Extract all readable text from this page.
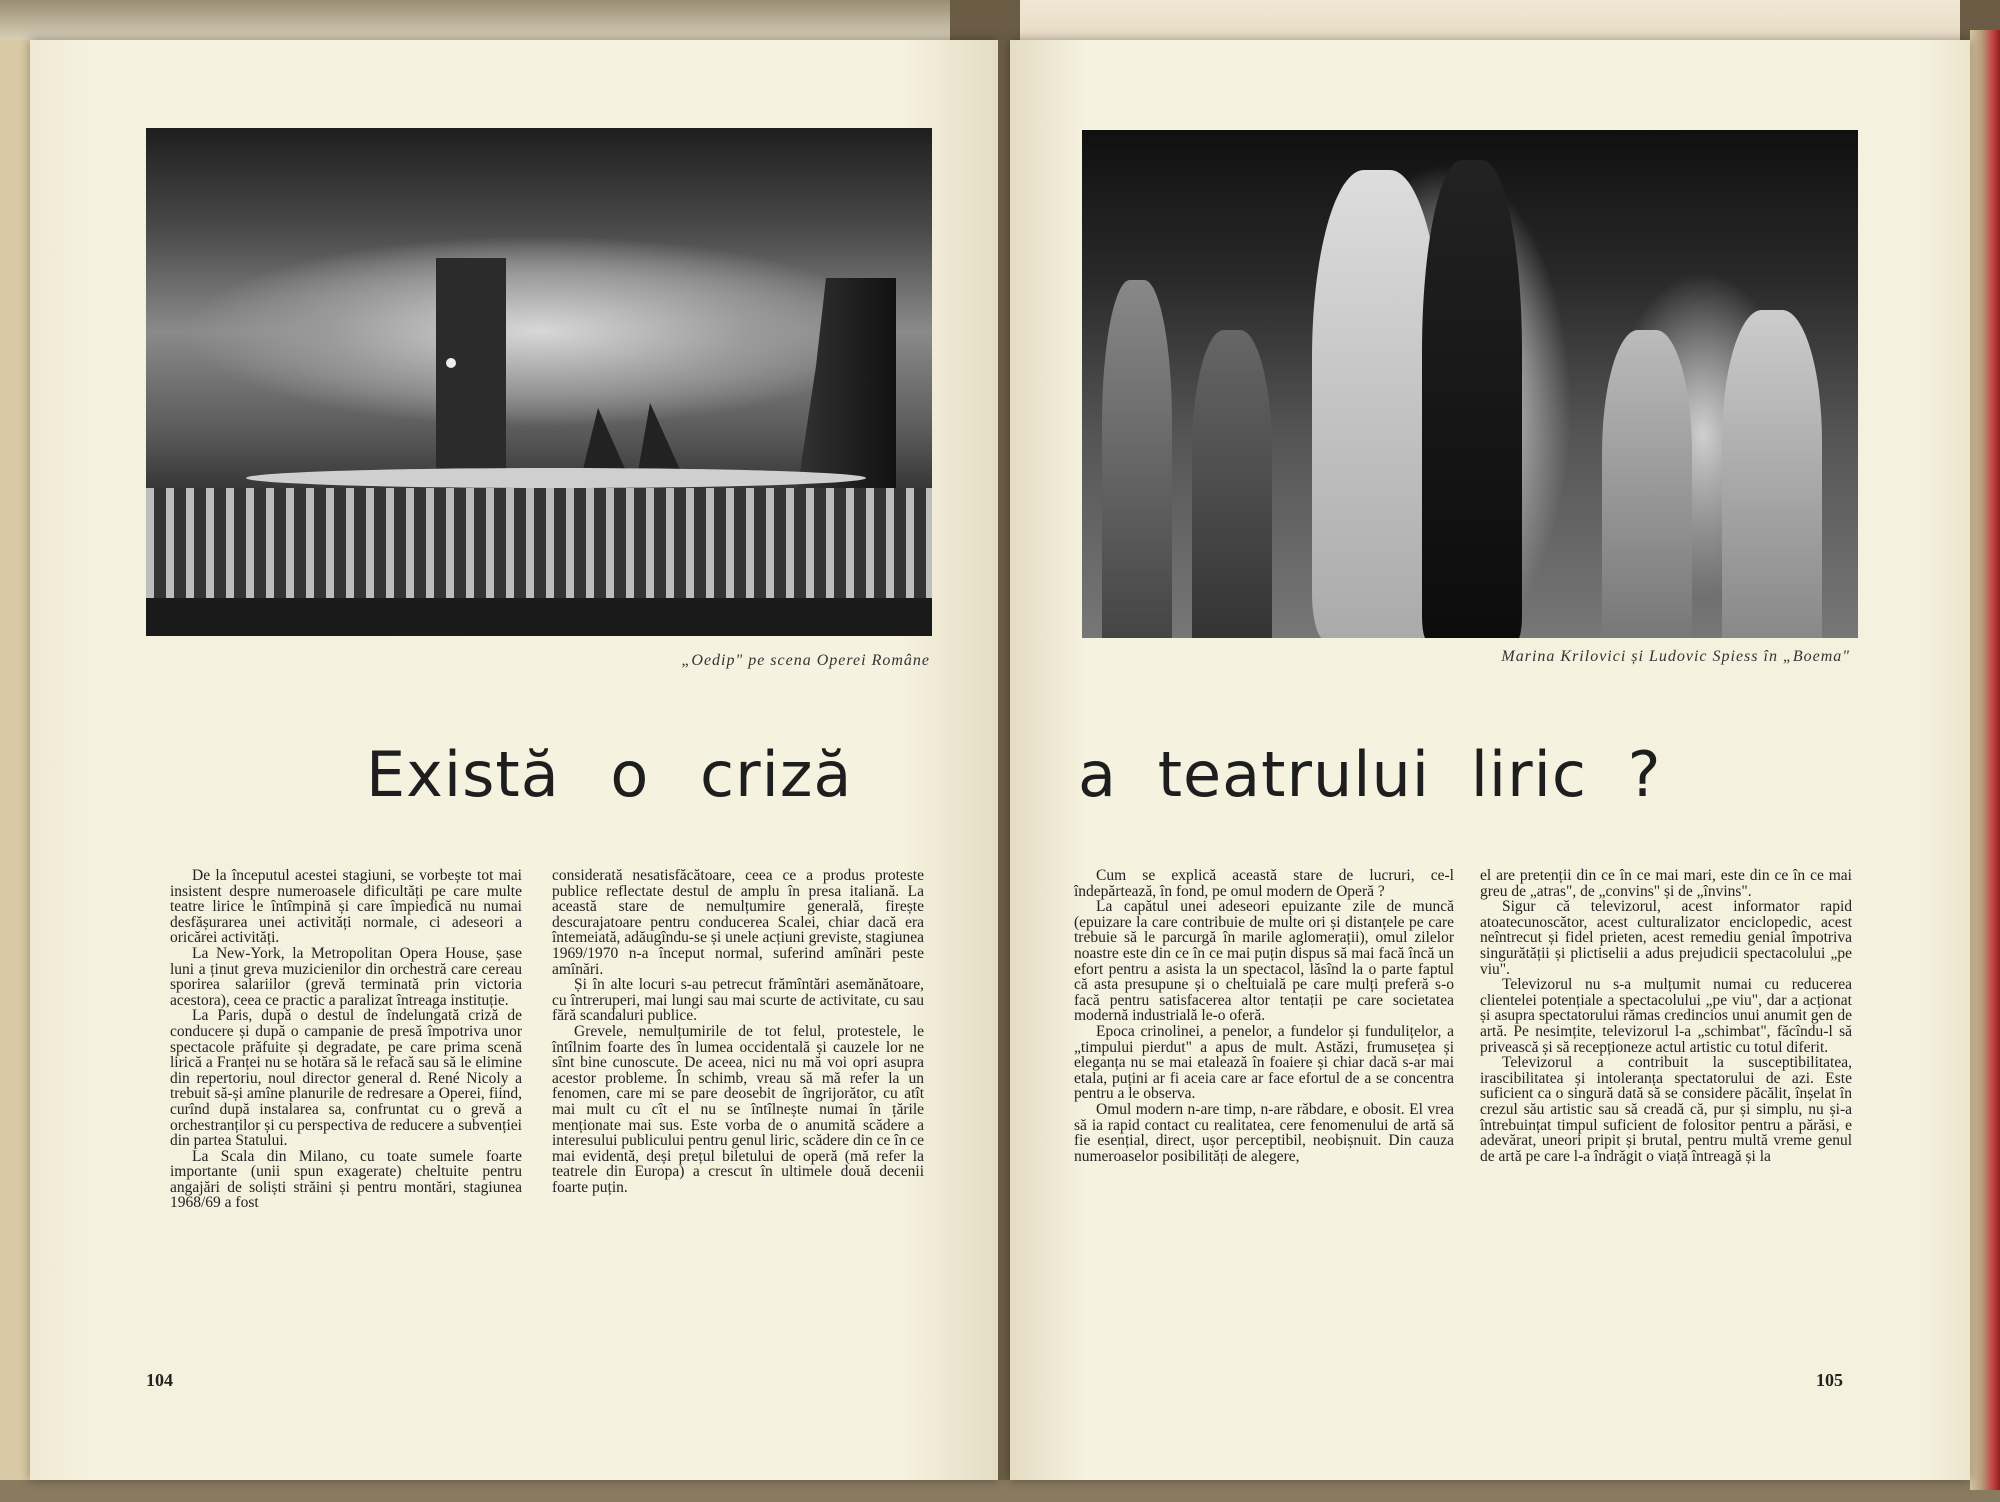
„Oedip" pe scena Operei Române	Marina Krilovici și Ludovic Spiess în „Boema"
Există o criză	a teatrului liric ?

De la începutul acestei stagiuni, se vorbește tot mai insistent despre numeroasele dificultăți pe care multe teatre lirice le întîmpină și care împiedică nu numai desfășurarea unei activități normale, ci adeseori a oricărei activități.

La New-York, la Metropolitan Opera House, șase luni a ținut greva muzicienilor din orchestră care cereau sporirea salariilor (grevă terminată prin victoria acestora), ceea ce practic a paralizat întreaga instituție.

La Paris, după o destul de îndelungată criză de conducere și după o campanie de presă împotriva unor spectacole prăfuite și degradate, pe care prima scenă lirică a Franței nu se hotăra să le refacă sau să le elimine din repertoriu, noul director general d. René Nicoly a trebuit să-și amîne planurile de redresare a Operei, fiind, curînd după instalarea sa, confruntat cu o grevă a orchestranților și cu perspectiva de reducere a subvenției din partea Statului.

La Scala din Milano, cu toate sumele foarte importante (unii spun exagerate) cheltuite pentru angajări de soliști străini și pentru montări, stagiunea 1968/69 a fost

considerată nesatisfăcătoare, ceea ce a produs proteste publice reflectate destul de amplu în presa italiană. La această stare de nemulțumire generală, firește descurajatoare pentru conducerea Scalei, chiar dacă era întemeiată, adăugîndu-se și unele acțiuni greviste, stagiunea 1969/1970 n-a început normal, suferind amînări peste amînări.

Și în alte locuri s-au petrecut frămîntări asemănătoare, cu întreruperi, mai lungi sau mai scurte de activitate, cu sau fără scandaluri publice.

Grevele, nemulțumirile de tot felul, protestele, le întîlnim foarte des în lumea occidentală și cauzele lor ne sînt bine cunoscute. De aceea, nici nu mă voi opri asupra acestor probleme. În schimb, vreau să mă refer la un fenomen, care mi se pare deosebit de îngrijorător, cu atît mai mult cu cît el nu se întîlnește numai în țările menționate mai sus. Este vorba de o anumită scădere a interesului publicului pentru genul liric, scădere din ce în ce mai evidentă, deși prețul biletului de operă (mă refer la teatrele din Europa) a crescut în ultimele două decenii foarte puțin.

Cum se explică această stare de lucruri, ce-l îndepărtează, în fond, pe omul modern de Operă ?

La capătul unei adeseori epuizante zile de muncă (epuizare la care contribuie de multe ori și distanțele pe care trebuie să le parcurgă în marile aglomerații), omul zilelor noastre este din ce în ce mai puțin dispus să mai facă încă un efort pentru a asista la un spectacol, lăsînd la o parte faptul că asta presupune și o cheltuială pe care mulți preferă s-o facă pentru satisfacerea altor tentații pe care societatea modernă industrială le-o oferă.

Epoca crinolinei, a penelor, a fundelor și fundulițelor, a „timpului pierdut" a apus de mult. Astăzi, frumusețea și eleganța nu se mai etalează în foaiere și chiar dacă s-ar mai etala, puțini ar fi aceia care ar face efortul de a se concentra pentru a le observa.

Omul modern n-are timp, n-are răbdare, e obosit. El vrea să ia rapid contact cu realitatea, cere fenomenului de artă să fie esențial, direct, ușor perceptibil, neobișnuit. Din cauza numeroaselor posibilități de alegere,

el are pretenții din ce în ce mai mari, este din ce în ce mai greu de „atras", de „convins" și de „învins".

Sigur că televizorul, acest informator rapid atoatecunoscător, acest culturalizator enciclopedic, acest neîntrecut și fidel prieten, acest remediu genial împotriva singurătății și plictiselii a adus prejudicii spectacolului „pe viu".

Televizorul nu s-a mulțumit numai cu reducerea clientelei potențiale a spectacolului „pe viu", dar a acționat și asupra spectatorului rămas credincios unui anumit gen de artă. Pe nesimțite, televizorul l-a „schimbat", făcîndu-l să privească și să recepționeze actul artistic cu totul diferit.

Televizorul a contribuit la susceptibilitatea, irascibilitatea și intoleranța spectatorului de azi. Este suficient ca o singură dată să se considere păcălit, înșelat în crezul său artistic sau să creadă că, pur și simplu, nu și-a întrebuințat timpul suficient de folositor pentru a părăsi, e adevărat, uneori pripit și brutal, pentru multă vreme genul de artă pe care l-a îndrăgit o viață întreagă și la

104	105
